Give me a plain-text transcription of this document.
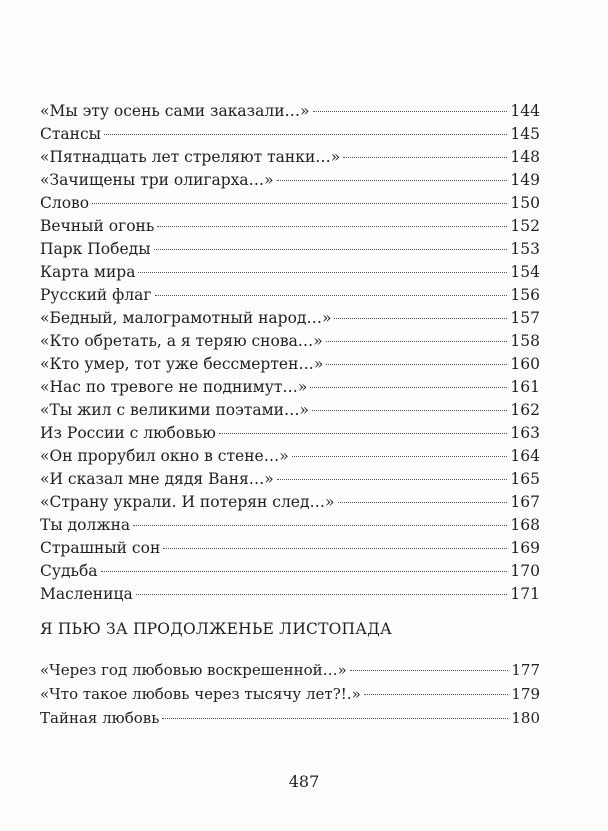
«Мы эту осень сами заказали…»	144
Стансы	145
«Пятнадцать лет стреляют танки…»	148
«Зачищены три олигарха…»	149
Слово	150
Вечный огонь	152
Парк Победы	153
Карта мира	154
Русский флаг	156
«Бедный, малограмотный народ…»	157
«Кто обретать, а я теряю снова…»	158
«Кто умер, тот уже бессмертен…»	160
«Нас по тревоге не поднимут…»	161
«Ты жил с великими поэтами…»	162
Из России с любовью	163
«Он прорубил окно в стене…»	164
«И сказал мне дядя Ваня…»	165
«Страну украли. И потерян след…»	167
Ты должна	168
Страшный сон	169
Судьба	170
Масленица	171
Я ПЬЮ ЗА ПРОДОЛЖЕНЬЕ ЛИСТОПАДА
«Через год любовью воскрешенной…»	177
«Что такое любовь через тысячу лет?!.»	179
Тайная любовь	180
487
